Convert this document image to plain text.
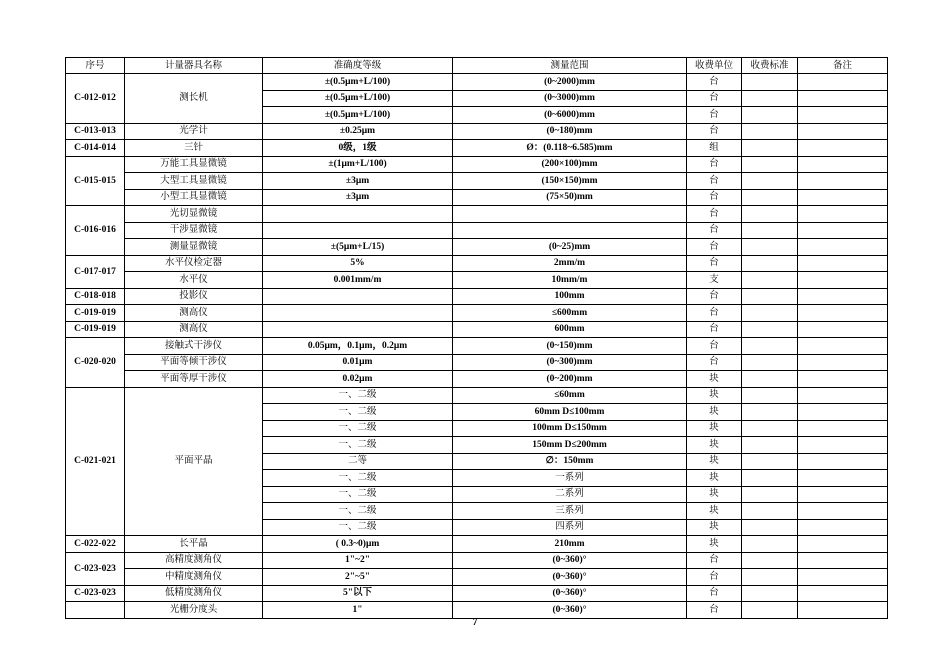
序号	计量器具名称	准确度等级	测量范围	收费单位	收费标准	备注
C-012-012	测长机	±(0.5μm+L/100)	(0~2000)mm	台		
		±(0.5μm+L/100)	(0~3000)mm	台		
		±(0.5μm+L/100)	(0~6000)mm	台		
C-013-013	光学计	±0.25μm	(0~180)mm	台		
C-014-014	三针	0级，1级	Ø：(0.118~6.585)mm	组		
C-015-015	万能工具显微镜	±(1μm+L/100)	(200×100)mm	台		
	大型工具显微镜	±3μm	(150×150)mm	台		
	小型工具显微镜	±3μm	(75×50)mm	台		
C-016-016	光切显微镜			台		
	干涉显微镜			台		
	测量显微镜	±(5μm+L/15)	(0~25)mm	台		
C-017-017	水平仪检定器	5%	2mm/m	台		
	水平仪	0.001mm/m	10mm/m	支		
C-018-018	投影仪		100mm	台		
C-019-019	测高仪		≤600mm	台		
C-019-019	测高仪		600mm	台		
C-020-020	接触式干涉仪	0.05μm，0.1μm，0.2μm	(0~150)mm	台		
	平面等倾干涉仪	0.01μm	(0~300)mm	台		
	平面等厚干涉仪	0.02μm	(0~200)mm	块		
C-021-021	平面平晶	一、二级	≤60mm	块		
		一、二级	60mm D≤100mm	块		
		一、二级	100mm D≤150mm	块		
		一、二级	150mm D≤200mm	块		
		二等	∅：150mm	块		
		一、二级	一系列	块		
		一、二级	二系列	块		
		一、二级	三系列	块		
		一、二级	四系列	块		
C-022-022	长平晶	( 0.3~0)μm	210mm	块		
C-023-023	高精度测角仪	1"~2"	(0~360)°	台		
	中精度测角仪	2"~5"	(0~360)°	台		
C-023-023	低精度测角仪	5"以下	(0~360)°	台		
	光栅分度头	1"	(0~360)°	台		
7
